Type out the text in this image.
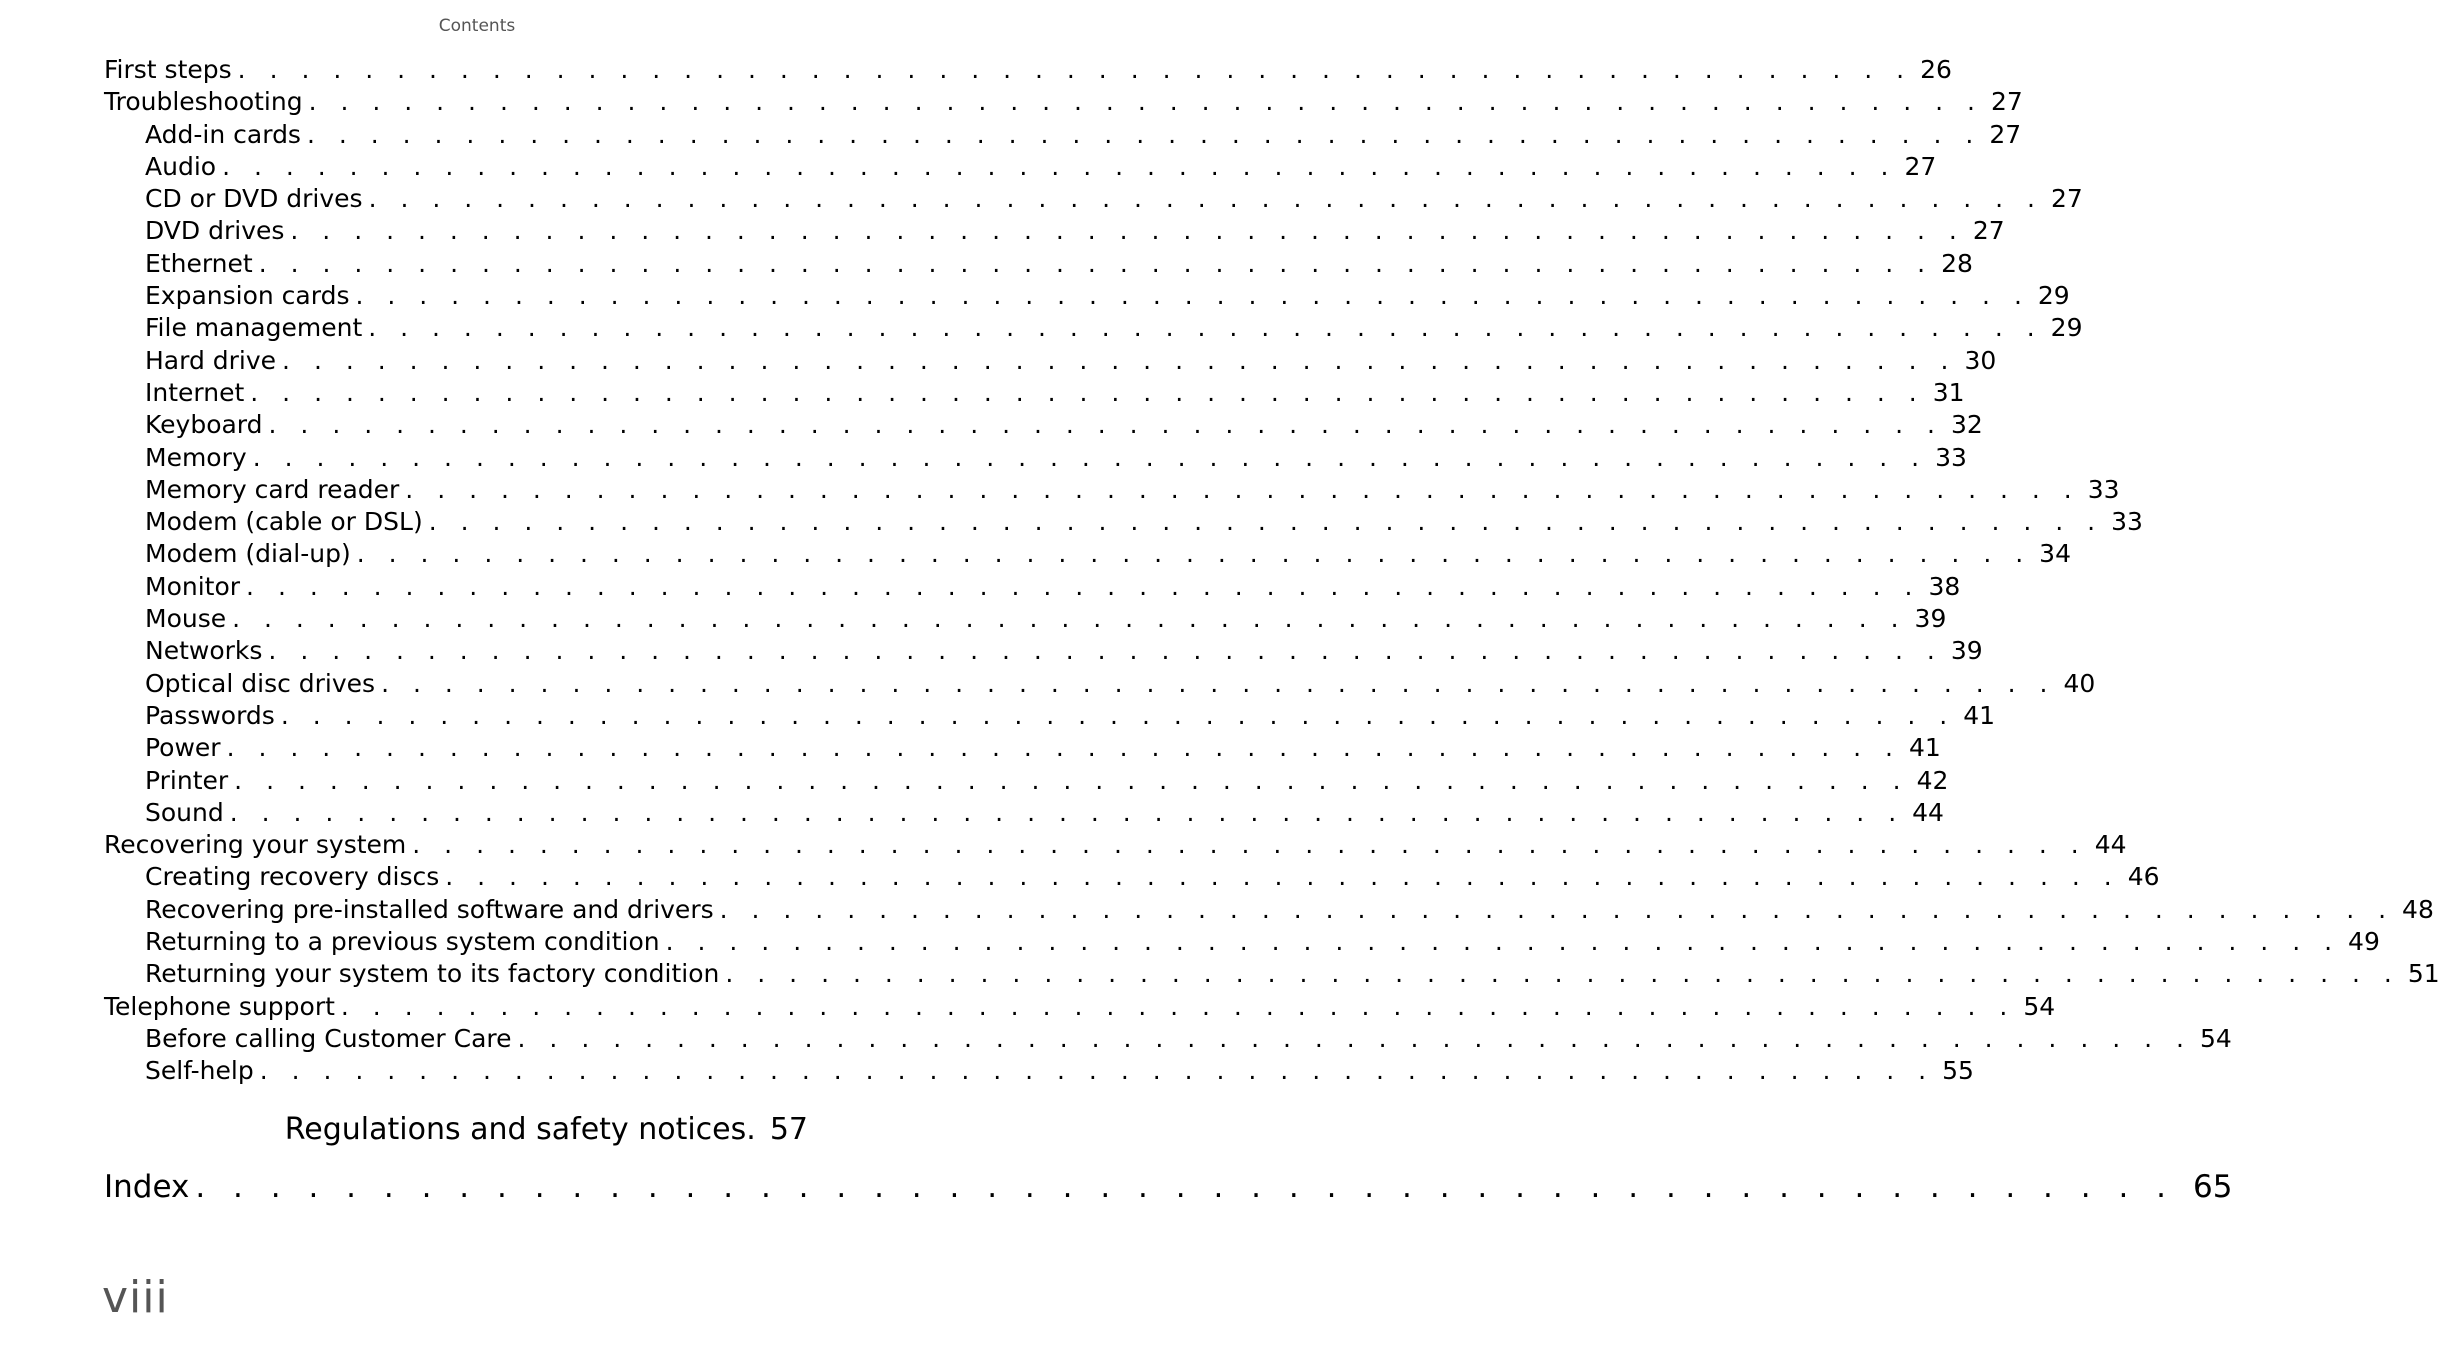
Contents
First steps . . . . . . . . . . . . . . . . . . . . . . . . . . . . . . . . . . . . . . . . . . . . . . . . . . . . . 26
Troubleshooting . . . . . . . . . . . . . . . . . . . . . . . . . . . . . . . . . . . . . . . . . . . . . . . . . . . . . 27
Add-in cards . . . . . . . . . . . . . . . . . . . . . . . . . . . . . . . . . . . . . . . . . . . . . . . . . . . . . 27
Audio . . . . . . . . . . . . . . . . . . . . . . . . . . . . . . . . . . . . . . . . . . . . . . . . . . . . . 27
CD or DVD drives . . . . . . . . . . . . . . . . . . . . . . . . . . . . . . . . . . . . . . . . . . . . . . . . . . . . . 27
DVD drives . . . . . . . . . . . . . . . . . . . . . . . . . . . . . . . . . . . . . . . . . . . . . . . . . . . . . 27
Ethernet . . . . . . . . . . . . . . . . . . . . . . . . . . . . . . . . . . . . . . . . . . . . . . . . . . . . . 28
Expansion cards . . . . . . . . . . . . . . . . . . . . . . . . . . . . . . . . . . . . . . . . . . . . . . . . . . . . . 29
File management . . . . . . . . . . . . . . . . . . . . . . . . . . . . . . . . . . . . . . . . . . . . . . . . . . . . . 29
Hard drive . . . . . . . . . . . . . . . . . . . . . . . . . . . . . . . . . . . . . . . . . . . . . . . . . . . . . 30
Internet . . . . . . . . . . . . . . . . . . . . . . . . . . . . . . . . . . . . . . . . . . . . . . . . . . . . . 31
Keyboard . . . . . . . . . . . . . . . . . . . . . . . . . . . . . . . . . . . . . . . . . . . . . . . . . . . . . 32
Memory . . . . . . . . . . . . . . . . . . . . . . . . . . . . . . . . . . . . . . . . . . . . . . . . . . . . . 33
Memory card reader . . . . . . . . . . . . . . . . . . . . . . . . . . . . . . . . . . . . . . . . . . . . . . . . . . . . . 33
Modem (cable or DSL) . . . . . . . . . . . . . . . . . . . . . . . . . . . . . . . . . . . . . . . . . . . . . . . . . . . . . 33
Modem (dial-up) . . . . . . . . . . . . . . . . . . . . . . . . . . . . . . . . . . . . . . . . . . . . . . . . . . . . . 34
Monitor . . . . . . . . . . . . . . . . . . . . . . . . . . . . . . . . . . . . . . . . . . . . . . . . . . . . . 38
Mouse . . . . . . . . . . . . . . . . . . . . . . . . . . . . . . . . . . . . . . . . . . . . . . . . . . . . . 39
Networks . . . . . . . . . . . . . . . . . . . . . . . . . . . . . . . . . . . . . . . . . . . . . . . . . . . . . 39
Optical disc drives . . . . . . . . . . . . . . . . . . . . . . . . . . . . . . . . . . . . . . . . . . . . . . . . . . . . . 40
Passwords . . . . . . . . . . . . . . . . . . . . . . . . . . . . . . . . . . . . . . . . . . . . . . . . . . . . . 41
Power . . . . . . . . . . . . . . . . . . . . . . . . . . . . . . . . . . . . . . . . . . . . . . . . . . . . . 41
Printer . . . . . . . . . . . . . . . . . . . . . . . . . . . . . . . . . . . . . . . . . . . . . . . . . . . . . 42
Sound . . . . . . . . . . . . . . . . . . . . . . . . . . . . . . . . . . . . . . . . . . . . . . . . . . . . . 44
Recovering your system . . . . . . . . . . . . . . . . . . . . . . . . . . . . . . . . . . . . . . . . . . . . . . . . . . . . . 44
Creating recovery discs . . . . . . . . . . . . . . . . . . . . . . . . . . . . . . . . . . . . . . . . . . . . . . . . . . . . . 46
Recovering pre-installed software and drivers . . . . . . . . . . . . . . . . . . . . . . . . . . . . . . . . . . . . . . . . . . . . . . . . . . . . . 48
Returning to a previous system condition . . . . . . . . . . . . . . . . . . . . . . . . . . . . . . . . . . . . . . . . . . . . . . . . . . . . . 49
Returning your system to its factory condition . . . . . . . . . . . . . . . . . . . . . . . . . . . . . . . . . . . . . . . . . . . . . . . . . . . . . 51
Telephone support . . . . . . . . . . . . . . . . . . . . . . . . . . . . . . . . . . . . . . . . . . . . . . . . . . . . . 54
Before calling Customer Care . . . . . . . . . . . . . . . . . . . . . . . . . . . . . . . . . . . . . . . . . . . . . . . . . . . . . 54
Self-help . . . . . . . . . . . . . . . . . . . . . . . . . . . . . . . . . . . . . . . . . . . . . . . . . . . . . 55
Regulations and safety notices. 57
Index . . . . . . . . . . . . . . . . . . . . . . . . . . . . . . . . . . . . . . . . . . . . . . . . . . . . . 65
viii
